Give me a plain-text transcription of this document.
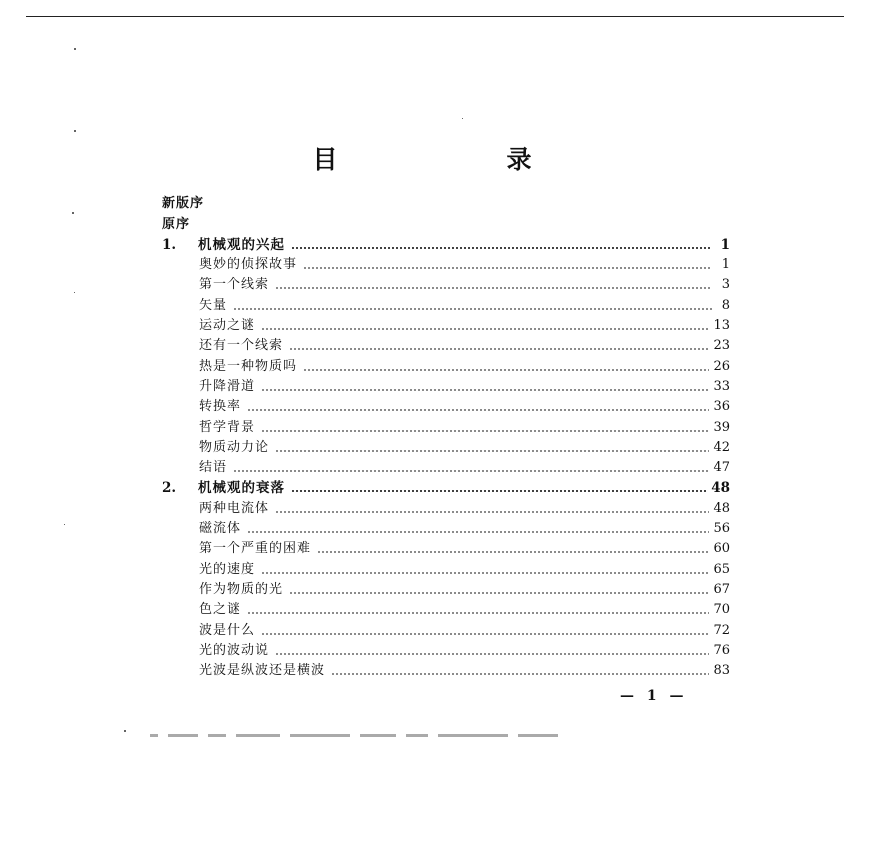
目　录
新版序
原序
1.	机械观的兴起	1
奥妙的侦探故事	1
第一个线索	3
矢量	8
运动之谜	13
还有一个线索	23
热是一种物质吗	26
升降滑道	33
转换率	36
哲学背景	39
物质动力论	42
结语	47
2.	机械观的衰落	48
两种电流体	48
磁流体	56
第一个严重的困难	60
光的速度	65
作为物质的光	67
色之谜	70
波是什么	72
光的波动说	76
光波是纵波还是横波	83
— 1 —
